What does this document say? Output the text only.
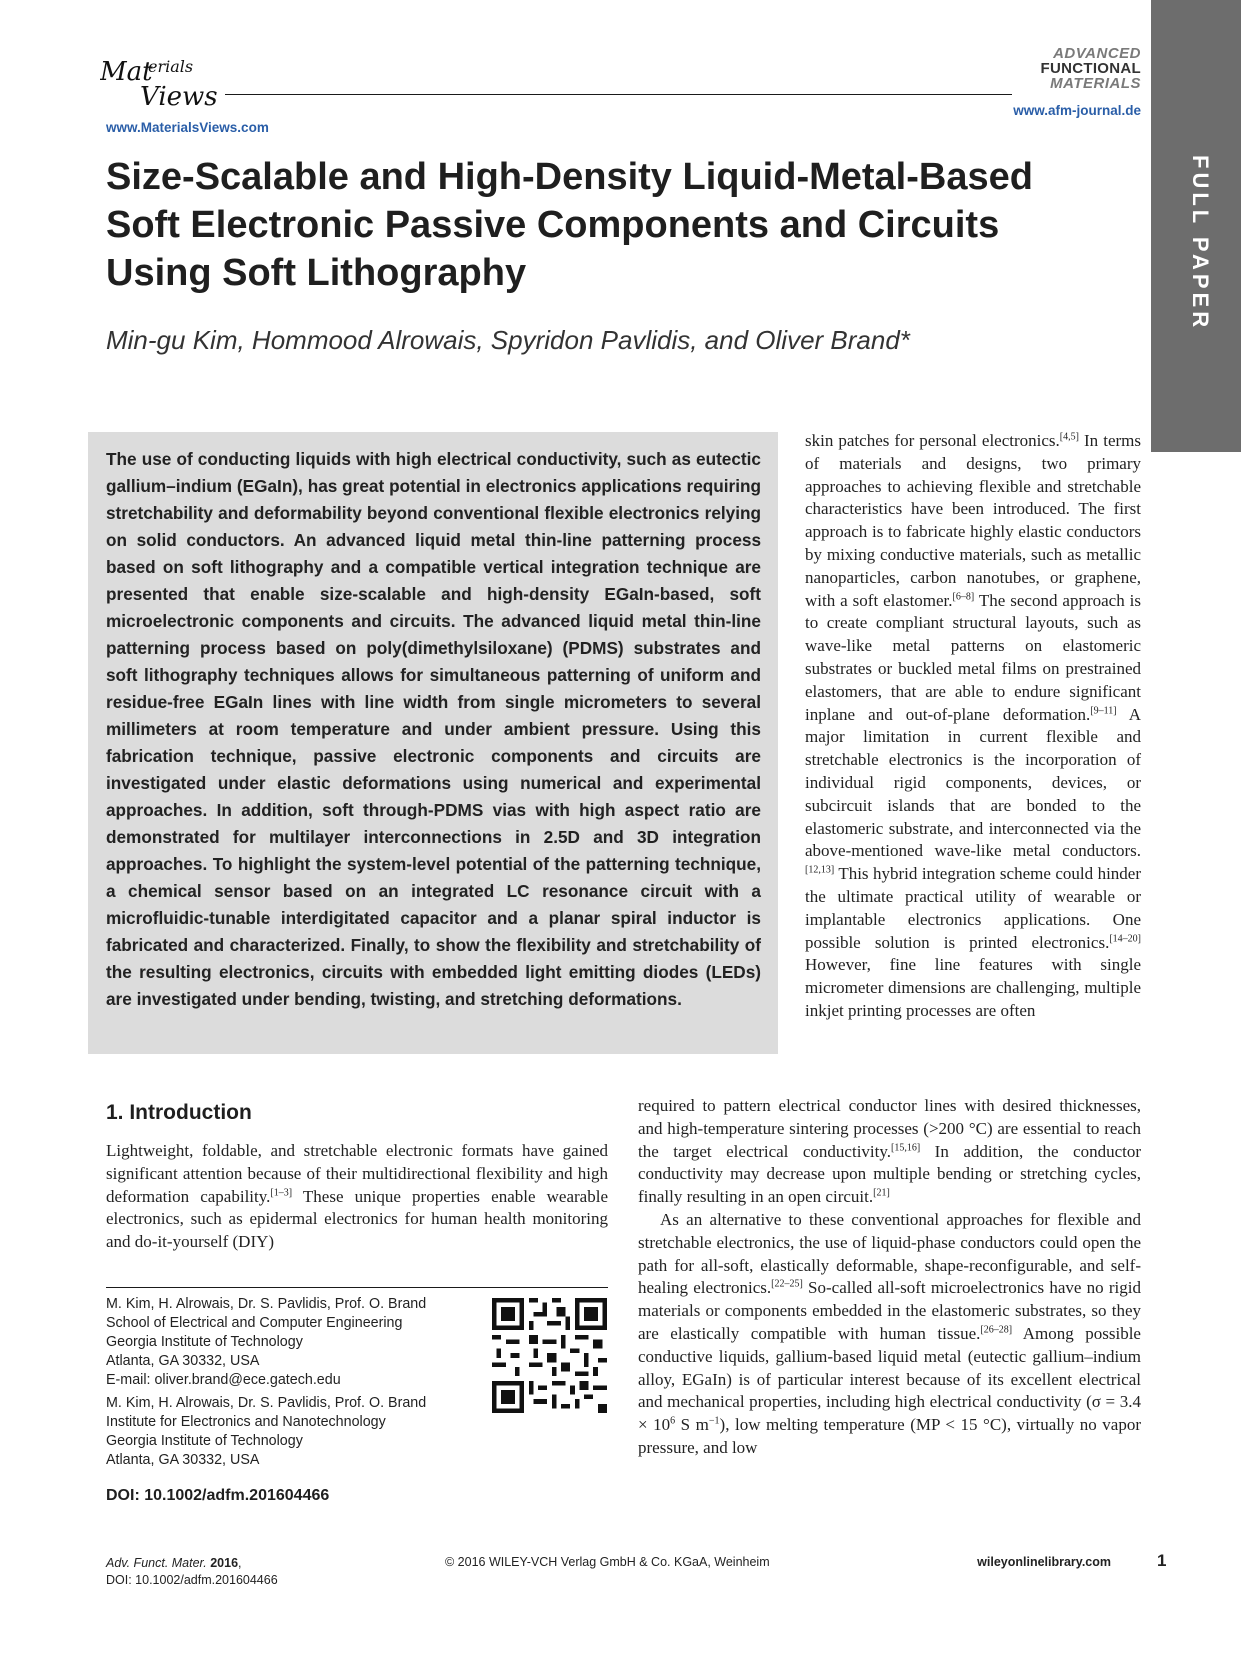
Mat
erials
Views
www.MaterialsViews.com
ADVANCED
FUNCTIONAL
MATERIALS
www.afm-journal.de
FULL PAPER
Size-Scalable and High-Density Liquid-Metal-Based Soft Electronic Passive Components and Circuits Using Soft Lithography
Min-gu Kim, Hommood Alrowais, Spyridon Pavlidis, and Oliver Brand*
The use of conducting liquids with high electrical conductivity, such as eutectic gallium–indium (EGaIn), has great potential in electronics applications requiring stretchability and deformability beyond conventional flexible electronics relying on solid conductors. An advanced liquid metal thin-line patterning process based on soft lithography and a compatible vertical integration technique are presented that enable size-scalable and high-density EGaIn-based, soft microelectronic components and circuits. The advanced liquid metal thin-line patterning process based on poly(dimethylsiloxane) (PDMS) substrates and soft lithography techniques allows for simultaneous patterning of uniform and residue-free EGaIn lines with line width from single micrometers to several millimeters at room temperature and under ambient pressure. Using this fabrication technique, passive electronic components and circuits are investigated under elastic deformations using numerical and experimental approaches. In addition, soft through-PDMS vias with high aspect ratio are demonstrated for multilayer interconnections in 2.5D and 3D integration approaches. To highlight the system-level potential of the patterning technique, a chemical sensor based on an integrated LC resonance circuit with a microfluidic-tunable interdigitated capacitor and a planar spiral inductor is fabricated and characterized. Finally, to show the flexibility and stretchability of the resulting electronics, circuits with embedded light emitting diodes (LEDs) are investigated under bending, twisting, and stretching deformations.
skin patches for personal electronics.[4,5] In terms of materials and designs, two primary approaches to achieving flexible and stretchable characteristics have been introduced. The first approach is to fabricate highly elastic conductors by mixing conductive materials, such as metallic nanoparticles, carbon nanotubes, or graphene, with a soft elastomer.[6–8] The second approach is to create compliant structural layouts, such as wave-like metal patterns on elastomeric substrates or buckled metal films on prestrained elastomers, that are able to endure significant inplane and out-of-plane deformation.[9–11] A major limitation in current flexible and stretchable electronics is the incorporation of individual rigid components, devices, or subcircuit islands that are bonded to the elastomeric substrate, and interconnected via the above-mentioned wave-like metal conductors.[12,13] This hybrid integration scheme could hinder the ultimate practical utility of wearable or implantable electronics applications. One possible solution is printed electronics.[14–20] However, fine line features with single micrometer dimensions are challenging, multiple inkjet printing processes are often

required to pattern electrical conductor lines with desired thicknesses, and high-temperature sintering processes (>200 °C) are essential to reach the target electrical conductivity.[15,16] In addition, the conductor conductivity may decrease upon multiple bending or stretching cycles, finally resulting in an open circuit.[21]

As an alternative to these conventional approaches for flexible and stretchable electronics, the use of liquid-phase conductors could open the path for all-soft, elastically deformable, shape-reconfigurable, and self-healing electronics.[22–25] So-called all-soft microelectronics have no rigid materials or components embedded in the elastomeric substrates, so they are elastically compatible with human tissue.[26–28] Among possible conductive liquids, gallium-based liquid metal (eutectic gallium–indium alloy, EGaIn) is of particular interest because of its excellent electrical and mechanical properties, including high electrical conductivity ($\sigma = 3.4 \times 10^6$ S $m^{-1}$), low melting temperature (MP < 15 °C), virtually no vapor pressure, and low

1. Introduction
Lightweight, foldable, and stretchable electronic formats have gained significant attention because of their multidirectional flexibility and high deformation capability.[1–3] These unique properties enable wearable electronics, such as epidermal electronics for human health monitoring and do-it-yourself (DIY)
M. Kim, H. Alrowais, Dr. S. Pavlidis, Prof. O. Brand
School of Electrical and Computer Engineering
Georgia Institute of Technology
Atlanta, GA 30332, USA
E-mail: oliver.brand@ece.gatech.edu
M. Kim, H. Alrowais, Dr. S. Pavlidis, Prof. O. Brand
Institute for Electronics and Nanotechnology
Georgia Institute of Technology
Atlanta, GA 30332, USA
DOI: 10.1002/adfm.201604466
Adv. Funct. Mater. 2016,
DOI: 10.1002/adfm.201604466
© 2016 WILEY-VCH Verlag GmbH & Co. KGaA, Weinheim	wileyonlinelibrary.com	1
